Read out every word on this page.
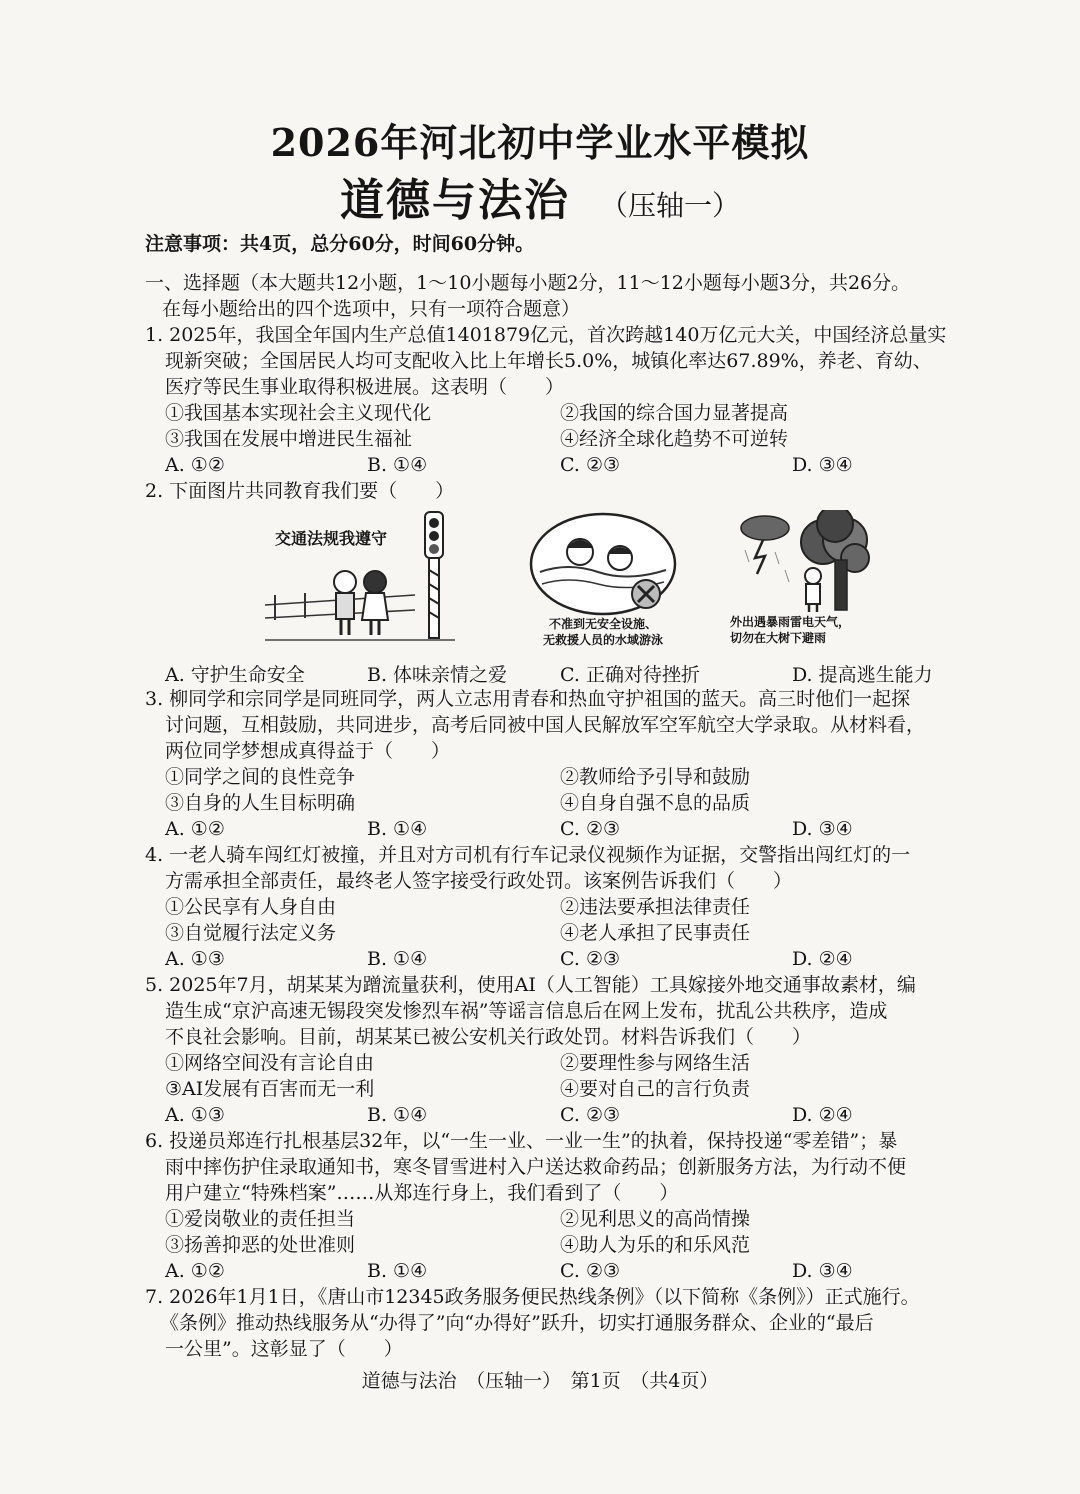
2026年河北初中学业水平模拟
道德与法治 （压轴一）
注意事项：共4页，总分60分，时间60分钟。
一、选择题（本大题共12小题，1～10小题每小题2分，11～12小题每小题3分，共26分。
在每小题给出的四个选项中，只有一项符合题意）
1. 2025年，我国全年国内生产总值1401879亿元，首次跨越140万亿元大关，中国经济总量实
现新突破；全国居民人均可支配收入比上年增长5.0%，城镇化率达67.89%，养老、育幼、
医疗等民生事业取得积极进展。这表明（　　）
①我国基本实现社会主义现代化	②我国的综合国力显著提高
③我国在发展中增进民生福祉	④经济全球化趋势不可逆转
A. ①②	B. ①④	C. ②③	D. ③④
2. 下面图片共同教育我们要（　　）
交通法规我遵守
不准到无安全设施、
无救援人员的水域游泳
外出遇暴雨雷电天气，
切勿在大树下避雨
A. 守护生命安全	B. 体味亲情之爱	C. 正确对待挫折	D. 提高逃生能力
3. 柳同学和宗同学是同班同学，两人立志用青春和热血守护祖国的蓝天。高三时他们一起探
讨问题，互相鼓励，共同进步，高考后同被中国人民解放军空军航空大学录取。从材料看，
两位同学梦想成真得益于（　　）
①同学之间的良性竞争	②教师给予引导和鼓励
③自身的人生目标明确	④自身自强不息的品质
A. ①②	B. ①④	C. ②③	D. ③④
4. 一老人骑车闯红灯被撞，并且对方司机有行车记录仪视频作为证据，交警指出闯红灯的一
方需承担全部责任，最终老人签字接受行政处罚。该案例告诉我们（　　）
①公民享有人身自由	②违法要承担法律责任
③自觉履行法定义务	④老人承担了民事责任
A. ①③	B. ①④	C. ②③	D. ②④
5. 2025年7月，胡某某为蹭流量获利，使用AI（人工智能）工具嫁接外地交通事故素材，编
造生成“京沪高速无锡段突发惨烈车祸”等谣言信息后在网上发布，扰乱公共秩序，造成
不良社会影响。目前，胡某某已被公安机关行政处罚。材料告诉我们（　　）
①网络空间没有言论自由	②要理性参与网络生活
③AI发展有百害而无一利	④要对自己的言行负责
A. ①③	B. ①④	C. ②③	D. ②④
6. 投递员郑连行扎根基层32年，以“一生一业、一业一生”的执着，保持投递“零差错”；暴
雨中摔伤护住录取通知书，寒冬冒雪进村入户送达救命药品；创新服务方法，为行动不便
用户建立“特殊档案”……从郑连行身上，我们看到了（　　）
①爱岗敬业的责任担当	②见利思义的高尚情操
③扬善抑恶的处世准则	④助人为乐的和乐风范
A. ①②	B. ①④	C. ②③	D. ③④
7. 2026年1月1日，《唐山市12345政务服务便民热线条例》（以下简称《条例》）正式施行。
《条例》推动热线服务从“办得了”向“办得好”跃升，切实打通服务群众、企业的“最后
一公里”。这彰显了（　　）
道德与法治　（压轴一）　第1页　（共4页）
